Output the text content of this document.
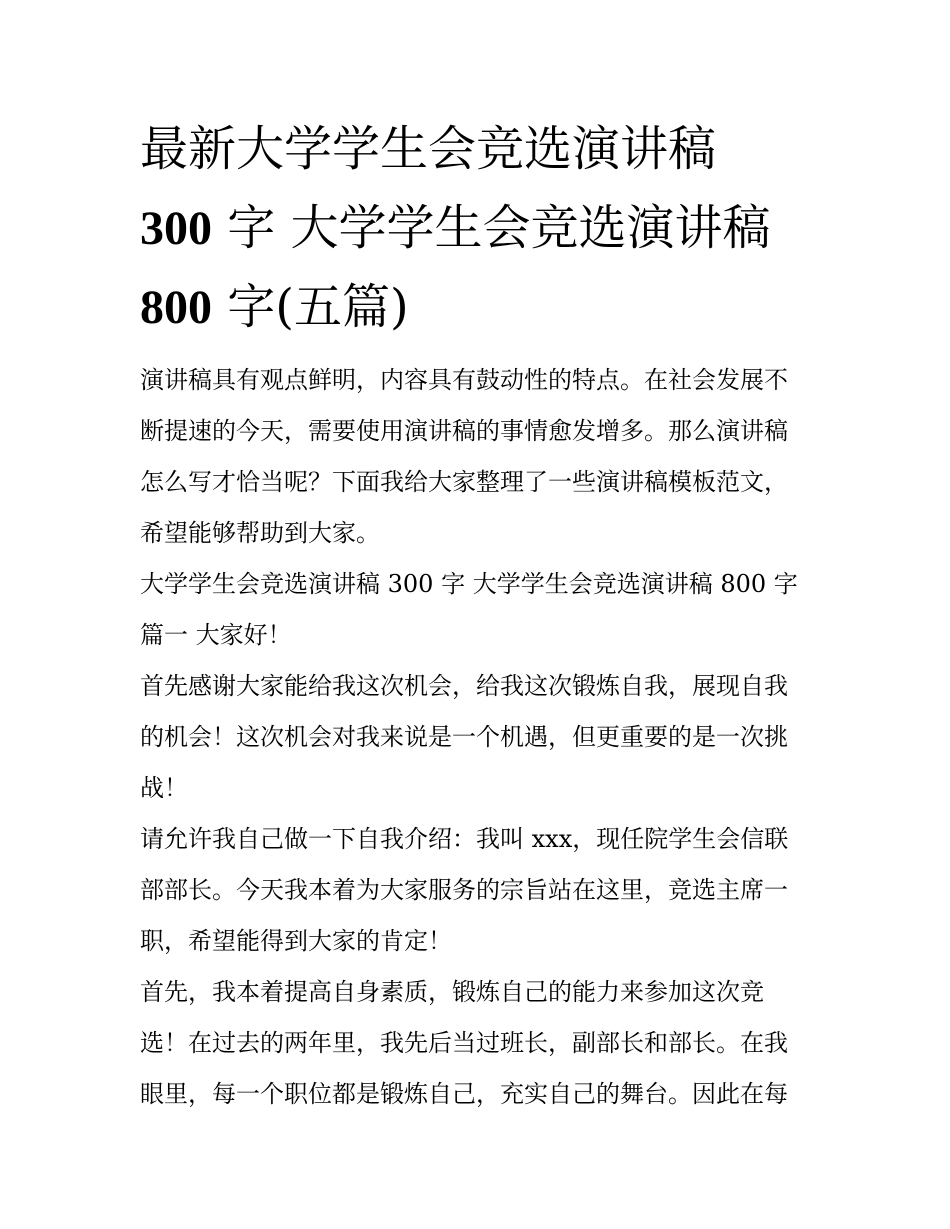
最新大学学生会竞选演讲稿
300 字 大学学生会竞选演讲稿
800 字(五篇)
演讲稿具有观点鲜明，内容具有鼓动性的特点。在社会发展不
断提速的今天，需要使用演讲稿的事情愈发增多。那么演讲稿
怎么写才恰当呢？下面我给大家整理了一些演讲稿模板范文，
希望能够帮助到大家。
大学学生会竞选演讲稿 300 字 大学学生会竞选演讲稿 800 字
篇一 大家好！
首先感谢大家能给我这次机会，给我这次锻炼自我，展现自我
的机会！这次机会对我来说是一个机遇，但更重要的是一次挑
战！
请允许我自己做一下自我介绍：我叫 xxx，现任院学生会信联
部部长。今天我本着为大家服务的宗旨站在这里，竞选主席一
职，希望能得到大家的肯定！
首先，我本着提高自身素质，锻炼自己的能力来参加这次竞
选！在过去的两年里，我先后当过班长，副部长和部长。在我
眼里，每一个职位都是锻炼自己，充实自己的舞台。因此在每
